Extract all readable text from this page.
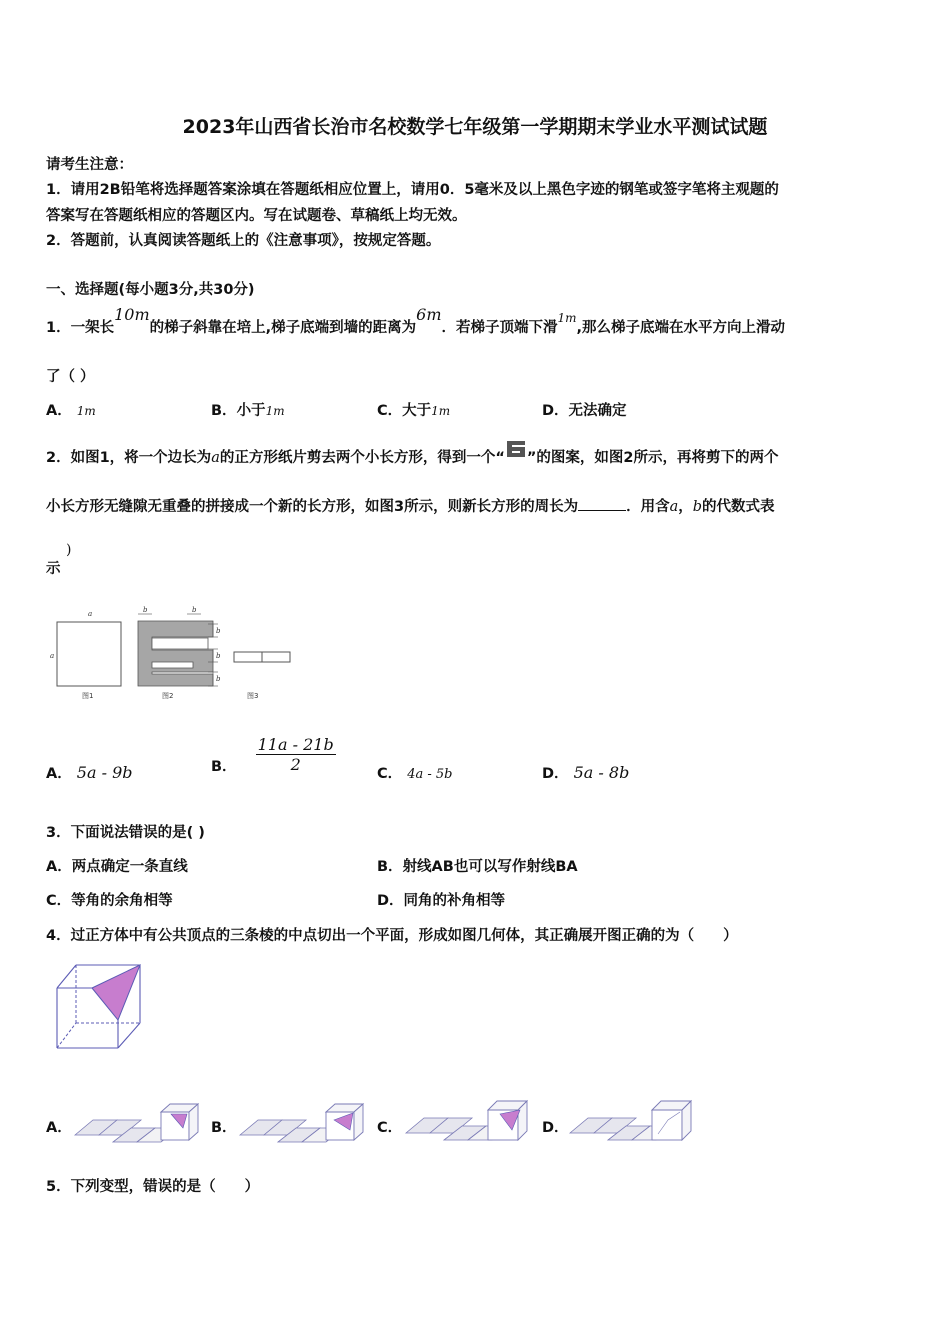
2023年山西省长治市名校数学七年级第一学期期末学业水平测试试题
请考生注意：
1．请用2B铅笔将选择题答案涂填在答题纸相应位置上，请用0．5毫米及以上黑色字迹的钢笔或签字笔将主观题的
答案写在答题纸相应的答题区内。写在试题卷、草稿纸上均无效。
2．答题前，认真阅读答题纸上的《注意事项》，按规定答题。
一、选择题(每小题3分,共30分)
1．一架长10m的梯子斜靠在培上,梯子底端到墙的距离为6m．若梯子顶端下滑$^{1m}$,那么梯子底端在水平方向上滑动
了（ ）
A． 1m	B．小于1m	C．大于1m	D．无法确定
2．如图1，将一个边长为a的正方形纸片剪去两个小长方形，得到一个“ ”的图案，如图2所示，再将剪下的两个
小长方形无缝隙无重叠的拼接成一个新的长方形，如图3所示，则新长方形的周长为	．用含a，b的代数式表
示
)
a
a
b	b
b
b
b
图1	图2	图3
A． 5a - 9b	B． $\frac{11a - 21b}{2}$	C． 4a - 5b	D． 5a - 8b
3．下面说法错误的是( )
A．两点确定一条直线	B．射线AB也可以写作射线BA
C．等角的余角相等	D．同角的补角相等
4．过正方体中有公共顶点的三条棱的中点切出一个平面，形成如图几何体，其正确展开图正确的为（　　）
A．	B．	C．	D．
5．下列变型，错误的是（　　）
